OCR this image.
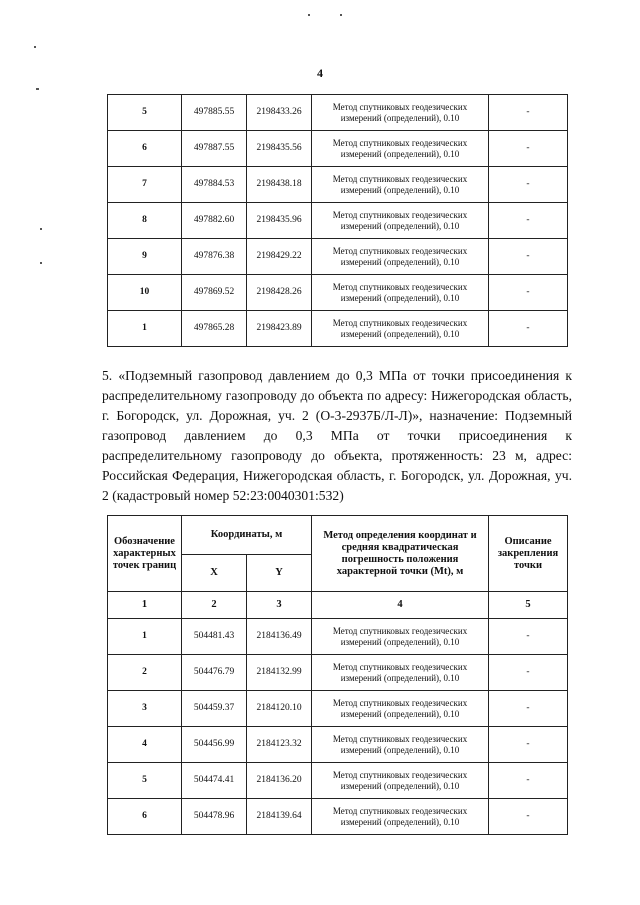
4
5	497885.55	2198433.26	Метод спутниковых геодезических измерений (определений), 0.10	-
6	497887.55	2198435.56	Метод спутниковых геодезических измерений (определений), 0.10	-
7	497884.53	2198438.18	Метод спутниковых геодезических измерений (определений), 0.10	-
8	497882.60	2198435.96	Метод спутниковых геодезических измерений (определений), 0.10	-
9	497876.38	2198429.22	Метод спутниковых геодезических измерений (определений), 0.10	-
10	497869.52	2198428.26	Метод спутниковых геодезических измерений (определений), 0.10	-
1	497865.28	2198423.89	Метод спутниковых геодезических измерений (определений), 0.10	-
5. «Подземный газопровод давлением до 0,3 МПа от точки присоединения к распределительному газопроводу до объекта по адресу: Нижегородская область, г. Богородск, ул. Дорожная, уч. 2 (О-3-2937Б/Л-Л)», назначение: Подземный газопровод давлением до 0,3 МПа от точки присоединения к распределительному газопроводу до объекта, протяженность: 23 м, адрес: Российская Федерация, Нижегородская область, г. Богородск, ул. Дорожная, уч. 2 (кадастровый номер 52:23:0040301:532)
Обозначение характерных точек границ	Координаты, м		Метод определения координат и средняя квадратическая погрешность положения характерной точки (Mt), м	Описание закрепления точки
	X	Y		
1	2	3	4	5
1	504481.43	2184136.49	Метод спутниковых геодезических измерений (определений), 0.10	-
2	504476.79	2184132.99	Метод спутниковых геодезических измерений (определений), 0.10	-
3	504459.37	2184120.10	Метод спутниковых геодезических измерений (определений), 0.10	-
4	504456.99	2184123.32	Метод спутниковых геодезических измерений (определений), 0.10	-
5	504474.41	2184136.20	Метод спутниковых геодезических измерений (определений), 0.10	-
6	504478.96	2184139.64	Метод спутниковых геодезических измерений (определений), 0.10	-
